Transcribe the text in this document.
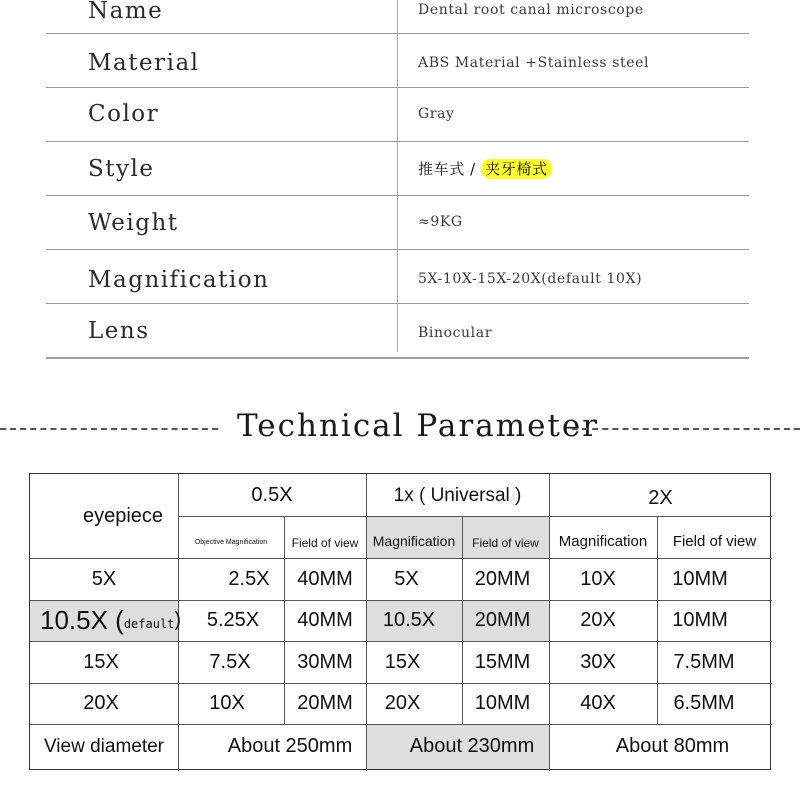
Name	Dental root canal microscope
Material	ABS Material +Stainless steel
Color	Gray
Style	推车式 / 夹牙椅式
Weight	≈9KG
Magnification	5X-10X-15X-20X(default 10X)
Lens	Binocular
Technical Parameter
eyepiece
0.5X	1x ( Universal )	2X
Objective Magnification	Field of view	Magnification	Field of view	Magnification	Field of view
5X	2.5X	40MM	5X	20MM	10X	10MM
10.5X ( default )	5.25X	40MM	10.5X	20MM	20X	10MM
15X	7.5X	30MM	15X	15MM	30X	7.5MM
20X	10X	20MM	20X	10MM	40X	6.5MM
View diameter	About 250mm	About 230mm	About 80mm
